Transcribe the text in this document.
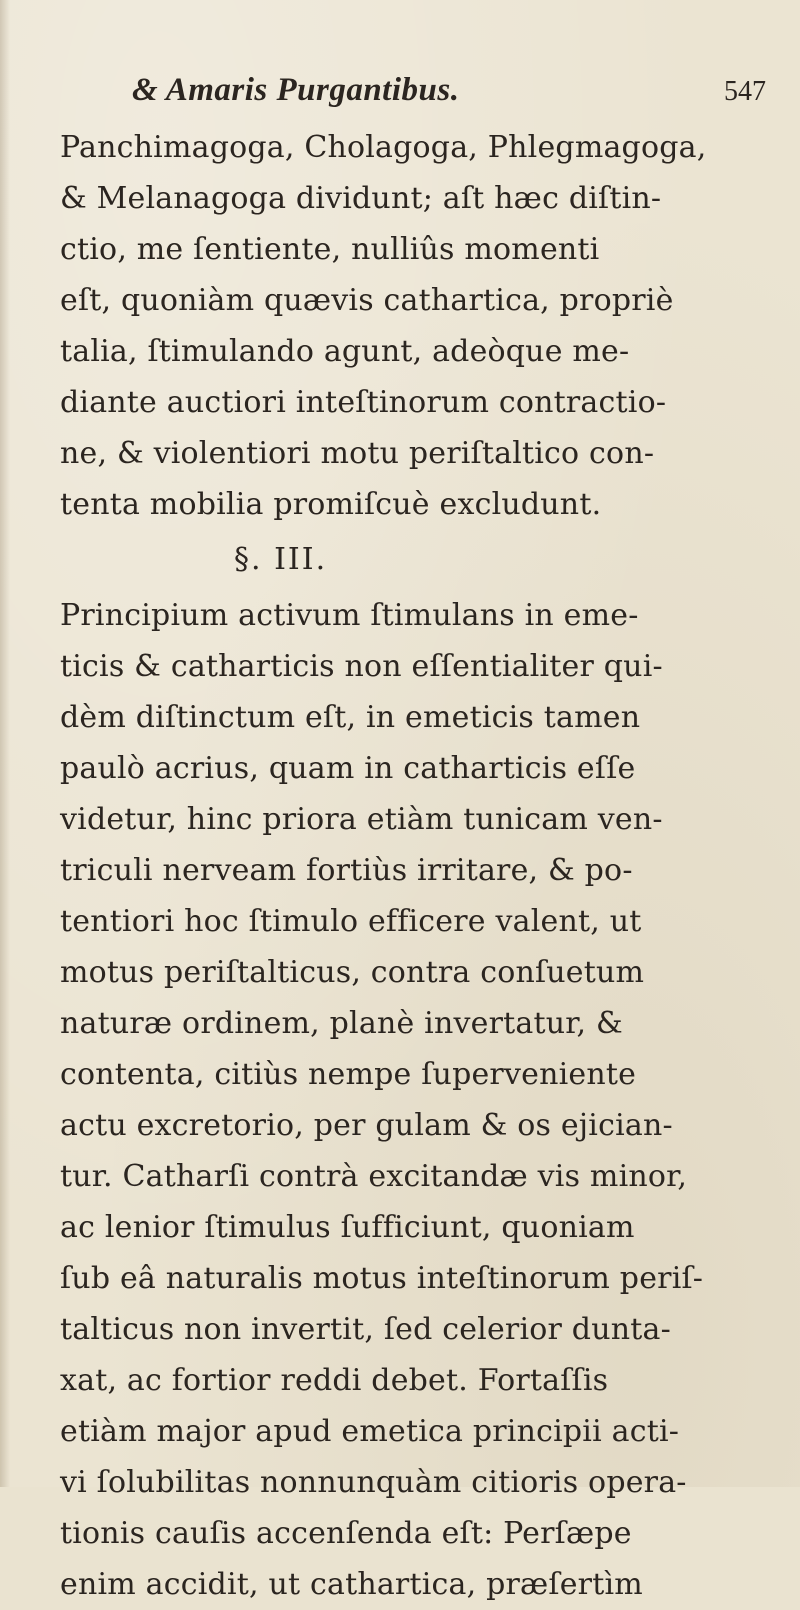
& Amaris Purgantibus.	547
Panchimagoga, Cholagoga, Phlegmagoga,
& Melanagoga dividunt; aſt hæc diſtin-
ctio, me ſentiente, nulliûs momenti
eſt, quoniàm quævis cathartica, propriè
talia, ſtimulando agunt, adeòque me-
diante auctiori inteſtinorum contractio-
ne, & violentiori motu periſtaltico con-
tenta mobilia promiſcuè excludunt.
§. III.
Principium activum ſtimulans in eme-
ticis & catharticis non eſſentialiter qui-
dèm diſtinctum eſt, in emeticis tamen
paulò acrius, quam in catharticis eſſe
videtur, hinc priora etiàm tunicam ven-
triculi nerveam fortiùs irritare, & po-
tentiori hoc ſtimulo efficere valent, ut
motus periſtalticus, contra conſuetum
naturæ ordinem, planè invertatur, &
contenta, citiùs nempe ſupervenientе
actu excretorio, per gulam & os ejician-
tur. Catharſi contrà excitandæ vis minor,
ac lenior ſtimulus ſufficiunt, quoniam
ſub eâ naturalis motus inteſtinorum periſ-
talticus non invertit, ſed celerior dunta-
xat, ac fortior reddi debet. Fortaſſis
etiàm major apud emetica principii acti-
vi ſolubilitas nonnunquàm citioris opera-
tionis cauſis accenſenda eſt: Perſæpe
enim accidit, ut cathartica, præſertìm
